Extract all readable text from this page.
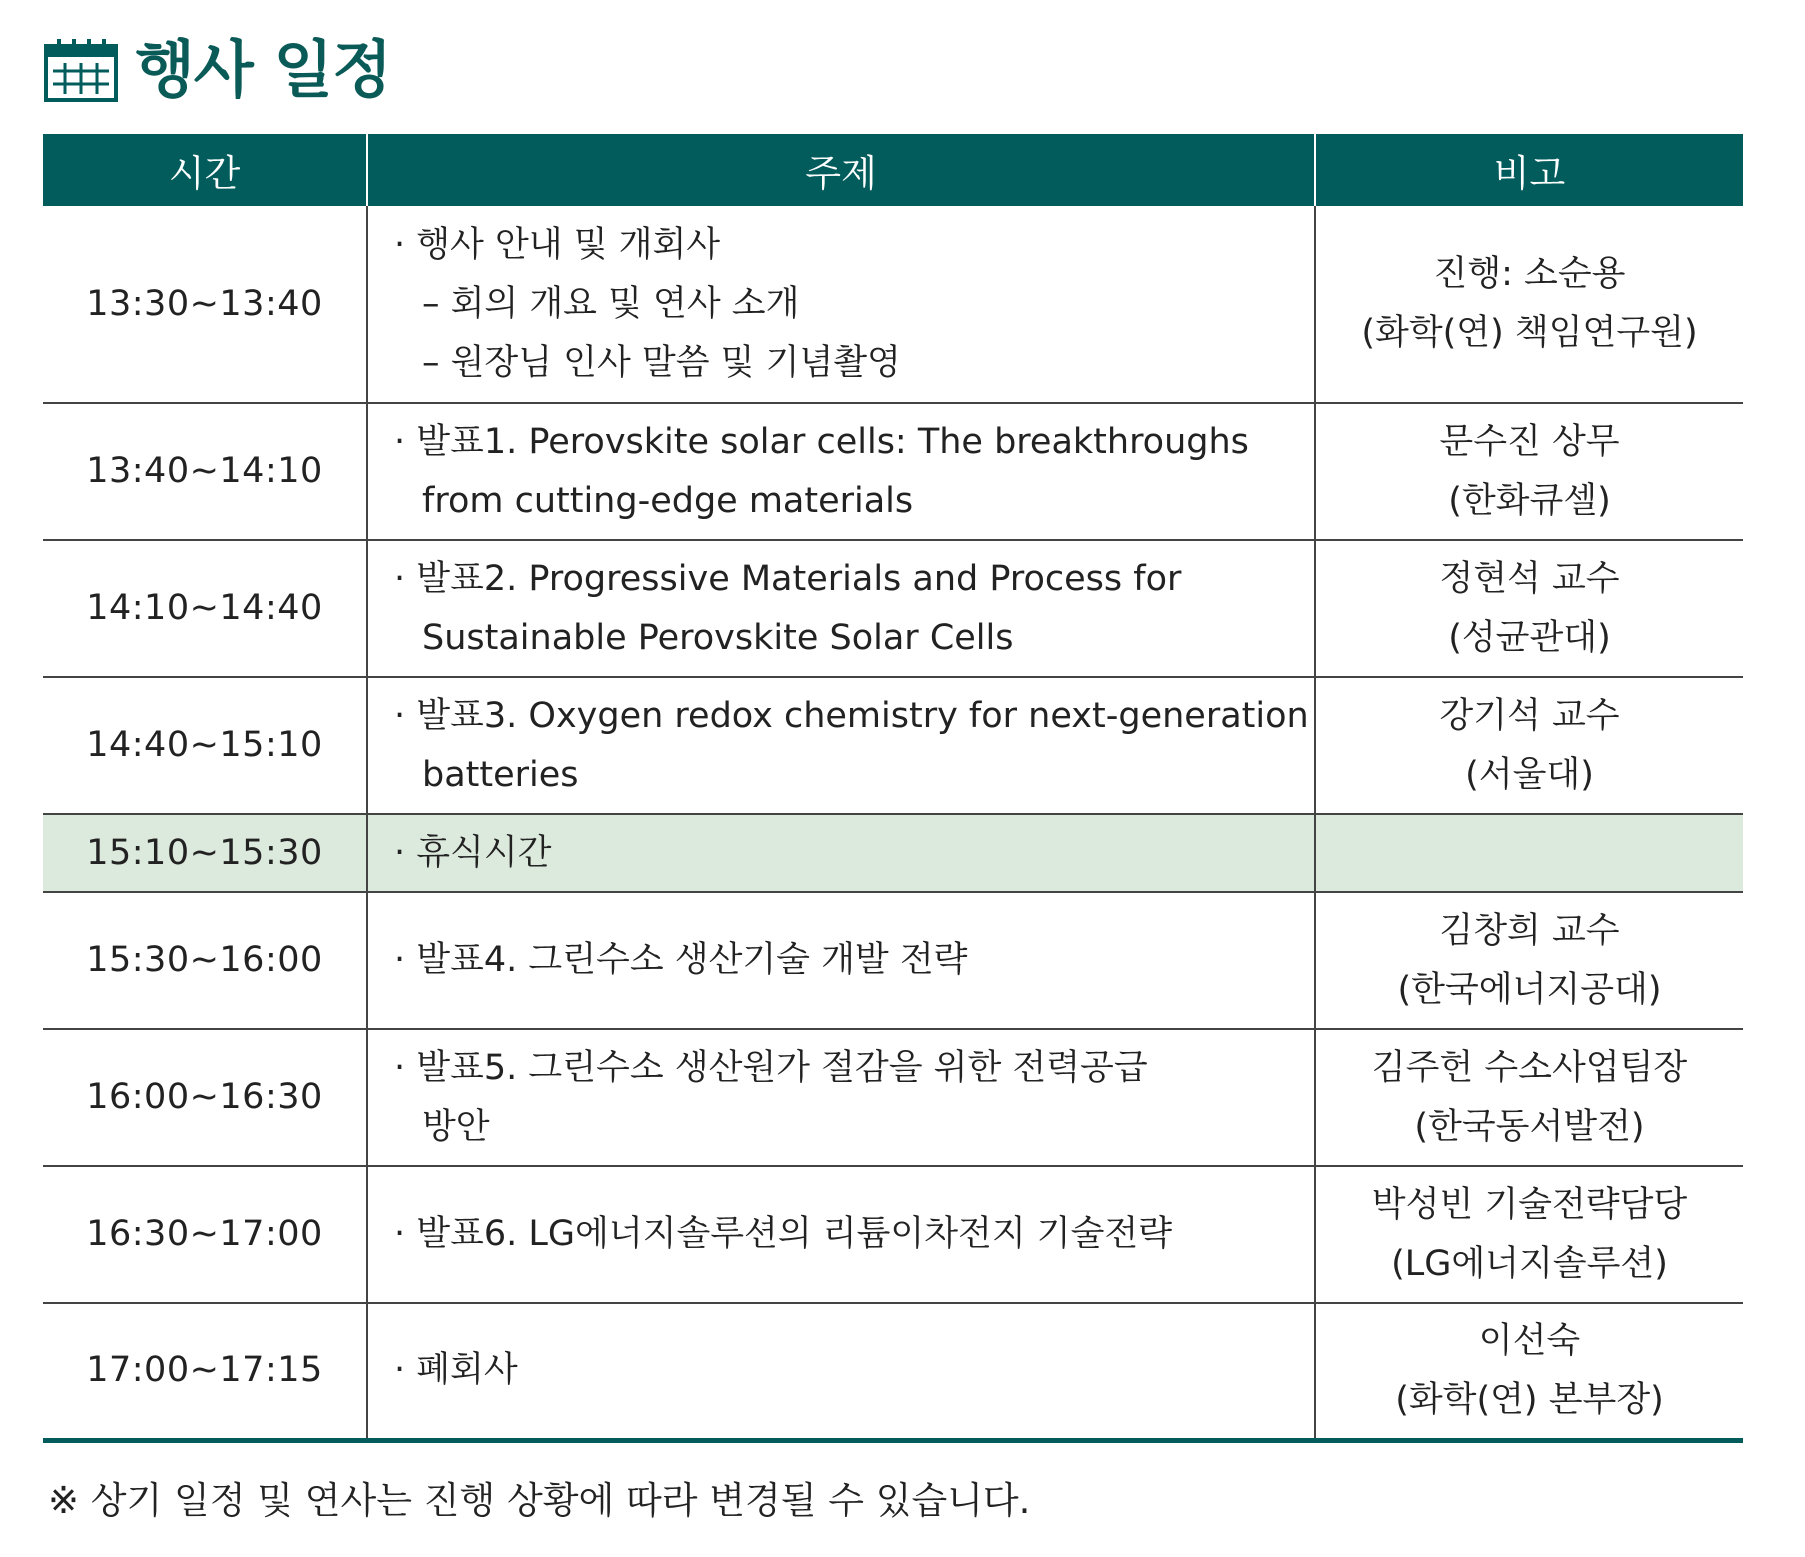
행사 일정
시간	주제	비고
13:30~13:40	· 행사 안내 및 개회사
– 회의 개요 및 연사 소개
– 원장님 인사 말씀 및 기념촬영	진행: 소순용
(화학(연) 책임연구원)

13:40~14:10	· 발표1. Perovskite solar cells: The breakthroughs
from cutting-edge materials	문수진 상무
(한화큐셀)

14:10~14:40	· 발표2. Progressive Materials and Process for
Sustainable Perovskite Solar Cells	정현석 교수
(성균관대)

14:40~15:10	· 발표3. Oxygen redox chemistry for next-generation
batteries	강기석 교수
(서울대)

15:10~15:30	· 휴식시간	

15:30~16:00	· 발표4. 그린수소 생산기술 개발 전략	김창희 교수
(한국에너지공대)

16:00~16:30	· 발표5. 그린수소 생산원가 절감을 위한 전력공급
방안	김주헌 수소사업팀장
(한국동서발전)

16:30~17:00	· 발표6. LG에너지솔루션의 리튬이차전지 기술전략	박성빈 기술전략담당
(LG에너지솔루션)

17:00~17:15	· 폐회사	이선숙
(화학(연) 본부장)
※ 상기 일정 및 연사는 진행 상황에 따라 변경될 수 있습니다.
